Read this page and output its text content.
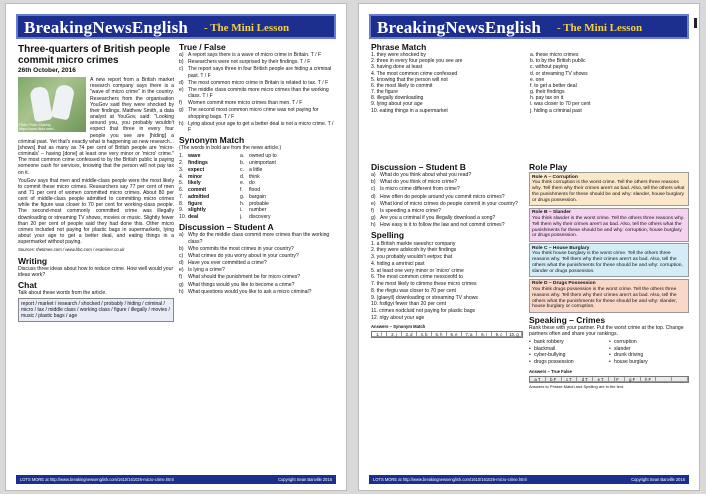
BreakingNewsEnglish - The Mini Lesson
Three-quarters of British people commit micro crimes
26th October, 2016
Flickr Photo Sharing https://www.flickr.com/...

A new report from a British market research company says there is a "wave of micro crime" in the country. Researchers from the organisation YouGov said they were shocked by their findings. Matthew Smith, a data analyst at YouGov, said: "Looking around you, you probably wouldn't expect that three in every four people you see are [hiding] a criminal past. Yet that's exactly what is happening as new research...[shows] that as many as 74 per cent of British people are 'micro-criminals' – having [done] at least one very minor or 'micro' crime." The most common crime confessed to by the British public is paying someone cash for services, knowing that the person will not pay tax on it.

YouGov says that men and middle-class people were the most likely to commit these micro crimes. Researchers say 77 per cent of men and 71 per cent of women committed micro crimes. About 80 per cent of middle-class people admitted to committing micro crimes while the figure was closer to 70 per cent for working-class people. The second-most commonly committed crime was illegally downloading or streaming TV shows, movies or music. Slightly fewer than 20 per cent of people said they had done this. Other micro crimes included not paying for plastic bags in supermarkets, lying about your age to get a better deal, and eating things in a supermarket without paying.

Sources: thetimes.com / www.bbc.com / examiner.co.uk
Writing

Discuss three ideas about how to reduce crime. How well would your ideas work?

Chat

Talk about these words from the article.

report / market / research / shocked / probably / hiding / criminal / micro / tax / middle class / working class / figure / illegally / movies / music / plastic bags / age
True / False
a) A report says there is a wave of micro crime in Britain. T / F
b) Researchers were not surprised by their findings. T / F
c) The report says three in four British people are hiding a criminal past. T / F
d) The most common micro crime in Britain is related to tax. T / F
e) The middle class commits more micro crimes than the working class. T / F
f)	Women commit more micro crimes than men. T / F
g) The second most common micro crime was not paying for shopping bags. T / F
h) Lying about your age to get a better deal is not a micro crime. T / F
Synonym Match

(The words in bold are from the news article.)

1. wave	a. owned up to
2. findings	b. unimportant
3. expect	c. a little
4. minor	d. think
5. likely	e. do
6. commit	f.	flood
7. admitted	g. bargain
8. figure	h. probable
9. slightly	i.	number
10. deal	j.	discovery
Discussion – Student A
a) Why do the middle class commit more crimes than the working class?
b) Who commits the most crimes in your country?
c) What crimes do you worry about in your country?
d) Have you ever committed a crime?
e) Is lying a crime?
f)	What should the punishment be for micro crimes?
g) What things would you like to become a crime?
h) What questions would you like to ask a micro criminal?
LOTS MORE at http://www.breakingnewsenglish.com/1610/161026-micro-crime.html	Copyright Sean Banville 2016
BreakingNewsEnglish - The Mini Lesson
Phrase Match
1. they were shocked by
2. three in every four people you see are
3. having done at least
4. The most common crime confessed
5. knowing that the person will not
6. the most likely to commit
7. the figure
8. illegally downloading
9. lying about your age
10. eating things in a supermarket
a. these micro crimes
b. to by the British public
c. without paying
d. or streaming TV shows
e. one
f. to get a better deal
g. their findings
h. pay tax on it
i. was closer to 70 per cent
j. hiding a criminal past
Discussion – Student B
a) What do you think about what you read?
b) What do you think of micro crime?
c) Is micro crime different from crime?
d) How often do people around you commit micro crimes?
e) What kind of micro crimes do people commit in your country?
f)	Is speeding a micro crime?
g) Are you a criminal if you illegally download a song?
h) How easy is it to follow the law and not commit crimes?
Spelling
1. a British markte raeeshcr company
2. they were adskcoh by their findings
3. you probably wouldn't eetpxc that
4. hiding a amrinicl past
5. at least one very minor or 'micro' crime
6. The most common crime nessceofd to
7. the most likely to ctimmo these micro crimes
8. the rfegiu was closer to 70 per cent
9. (glaeyil) downloading or streaming TV shows
10. hstlgyi fewer than 20 per cent
11. crimes nodcluid not paying for plastic bags
12. nlgy about your age
Answers – Synonym Match
1. f	2. j	3. d	4. b	5. h	6. e	7. a	8. i	9. c	10. g
Role Play
Role A – Corruption
You think corruption is the worst crime. Tell the others three reasons why. Tell them why their crimes aren't as bad. Also, tell the others what the punishments for these should be and why: slander, house burglary or drugs possession.
Role B – Slander
You think slander is the worst crime. Tell the others three reasons why. Tell them why their crimes aren't as bad. Also, tell the others what the punishments for these should be and why: corruption, house burglary or drugs possession.
Role C – House Burglary
You think house burglary is the worst crime. Tell the others three reasons why. Tell them why their crimes aren't as bad. Also, tell the others what the punishments for these should be and why: corruption, slander or drugs possession.
Role D – Drugs Possession
You think drugs possession is the worst crime. Tell the others three reasons why. Tell them why their crimes aren't as bad. Also, tell the others what the punishments for these should be and why: slander, house burglary or corruption.
Speaking – Crimes

Rank these with your partner. Put the worst crime at the top. Change partners often and share your rankings.

• bank robbery	• corruption
• blackmail	• slander
• cyber-bullying	• drunk driving
• drugs possession	• house burglary
Answers – True False
a T	b F	c T	d T	e T	f F	g F	h F
Answers to Phrase Match and Spelling are in the text.
LOTS MORE at http://www.breakingnewsenglish.com/1610/161026-micro-crime.html	Copyright Sean Banville 2016
